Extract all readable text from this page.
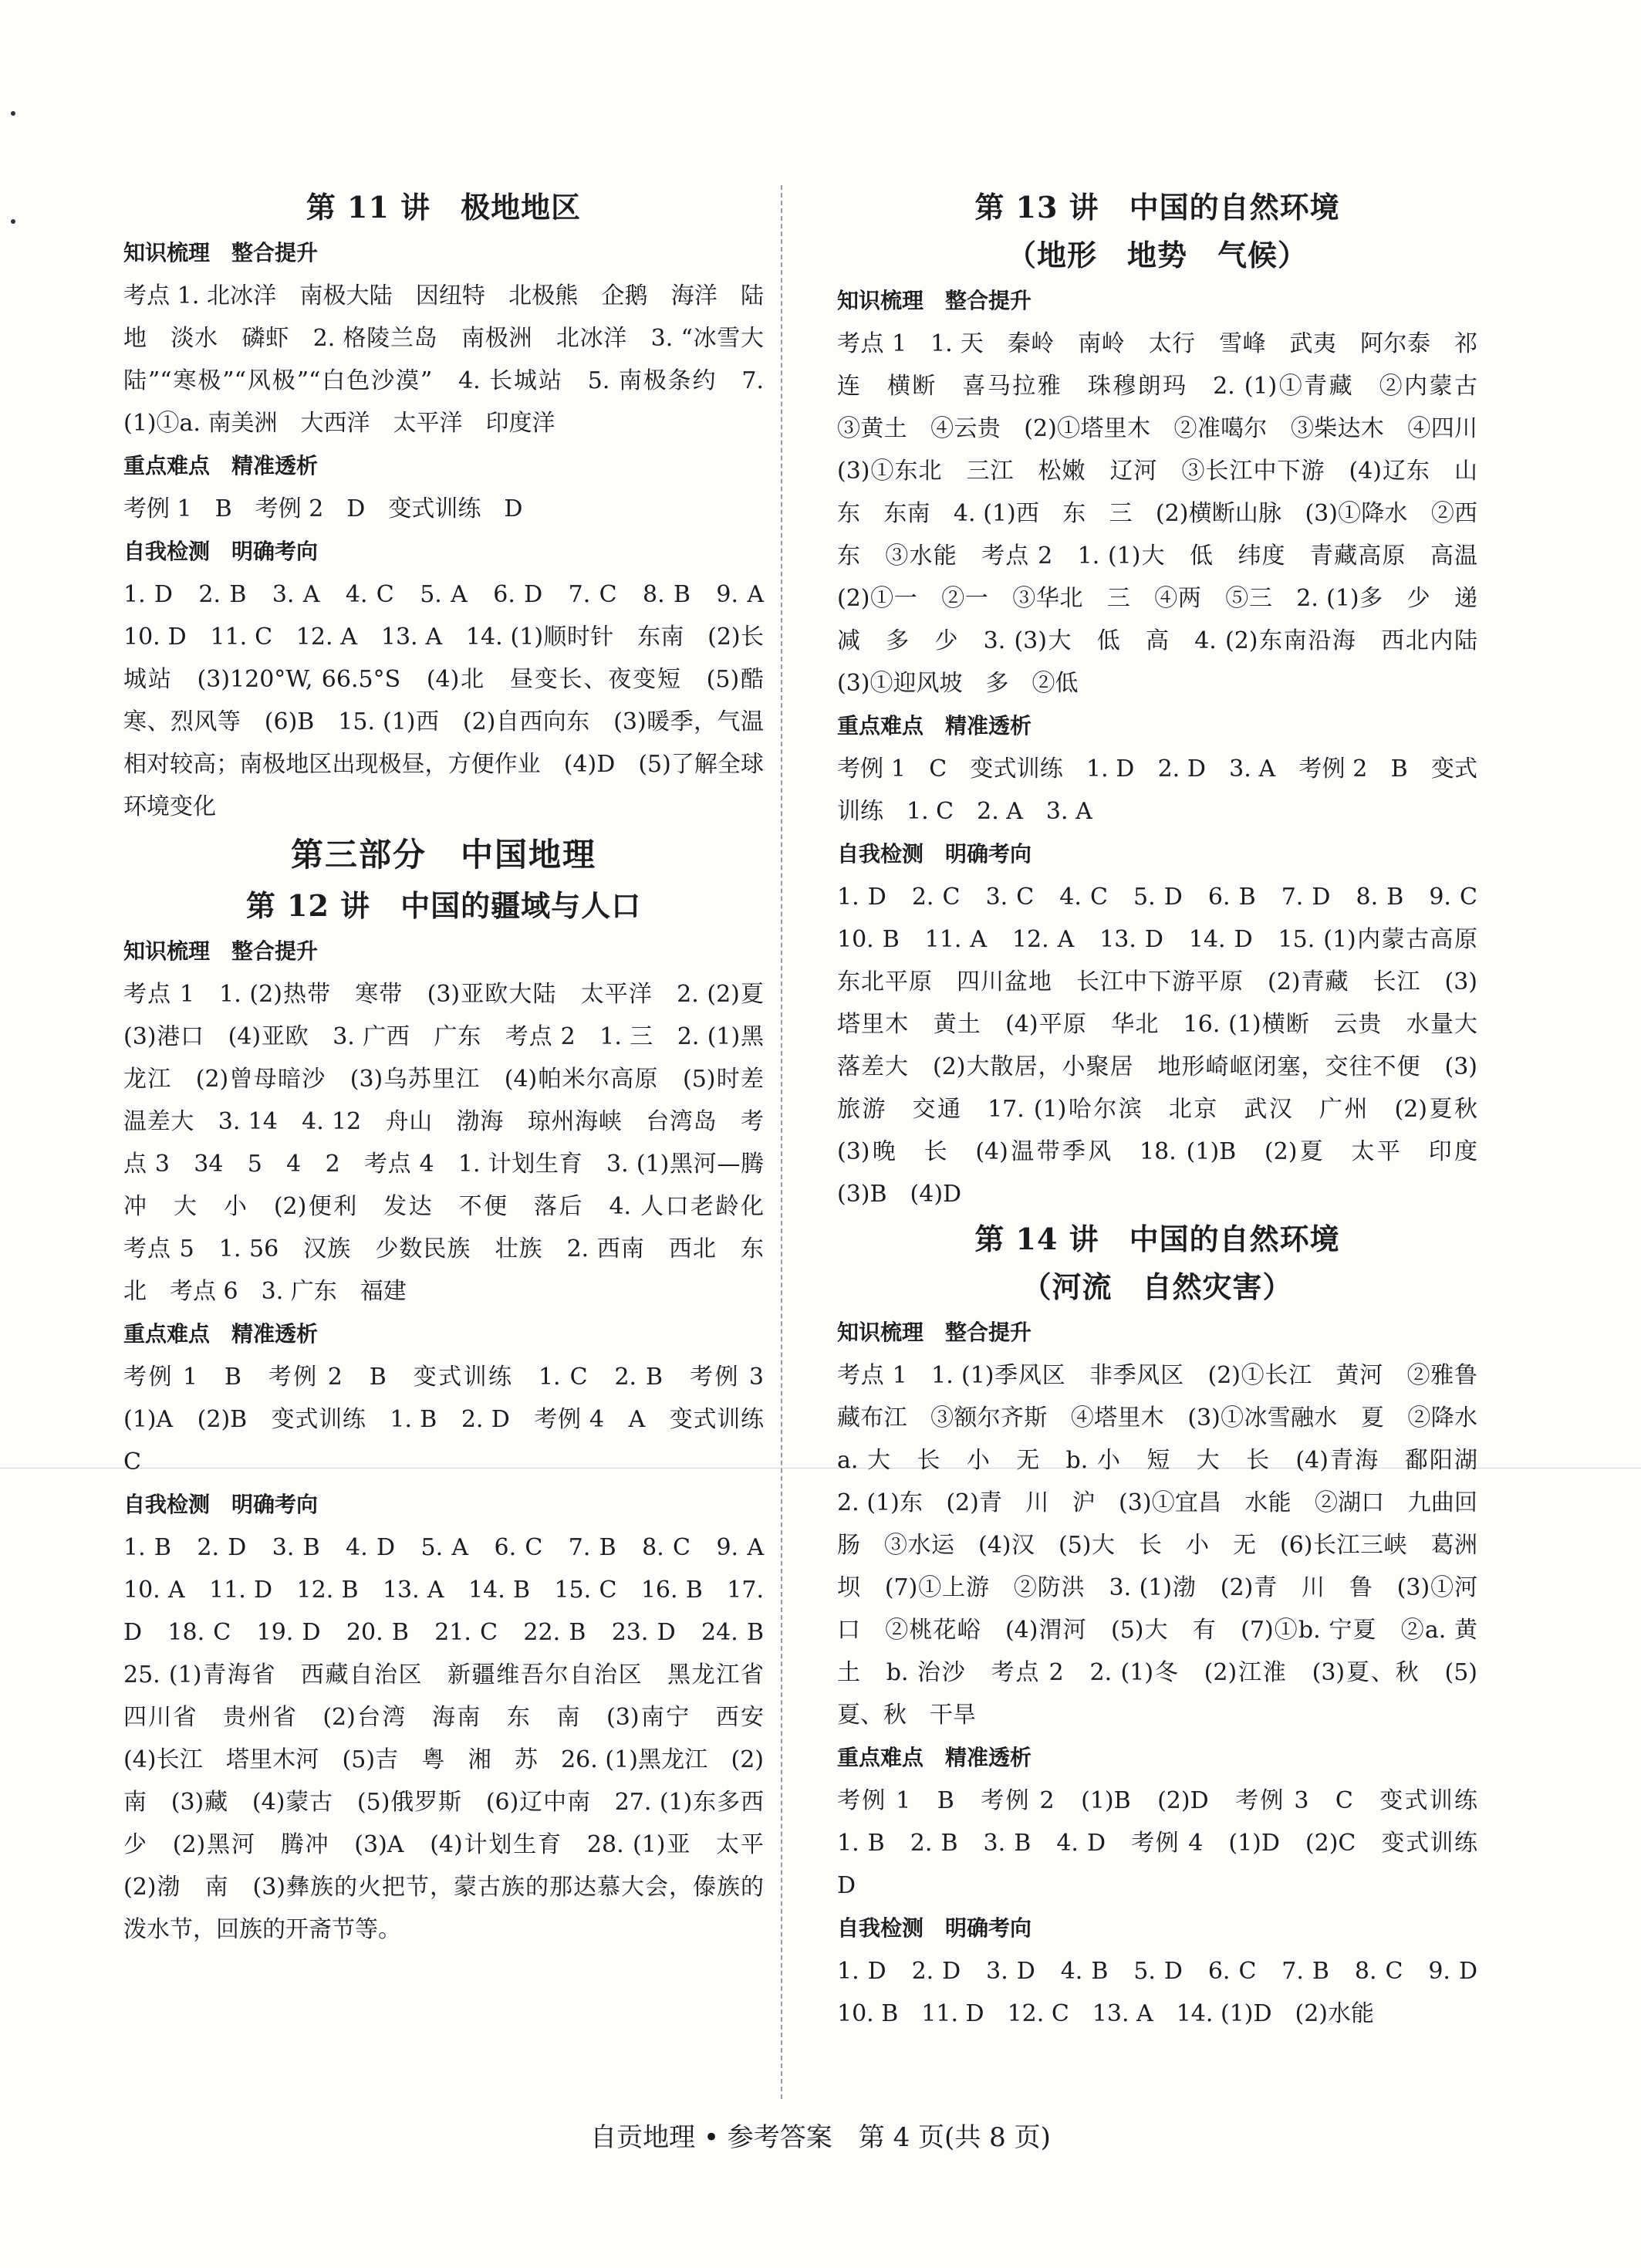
第 11 讲　极地地区
知识梳理　整合提升

考点 1. 北冰洋　南极大陆　因纽特　北极熊　企鹅　海洋　陆地　淡水　磷虾　2. 格陵兰岛　南极洲　北冰洋　3. “冰雪大陆”“寒极”“风极”“白色沙漠”　4. 长城站　5. 南极条约　7. (1)①a. 南美洲　大西洋　太平洋　印度洋

重点难点　精准透析

考例 1　B　考例 2　D　变式训练　D

自我检测　明确考向

1. D　2. B　3. A　4. C　5. A　6. D　7. C　8. B　9. A　10. D　11. C　12. A　13. A　14. (1)顺时针　东南　(2)长城站　(3)120°W, 66.5°S　(4)北　昼变长、夜变短　(5)酷寒、烈风等　(6)B　15. (1)西　(2)自西向东　(3)暖季，气温相对较高；南极地区出现极昼，方便作业　(4)D　(5)了解全球环境变化

第三部分　中国地理
第 12 讲　中国的疆域与人口
知识梳理　整合提升

考点 1　1. (2)热带　寒带　(3)亚欧大陆　太平洋　2. (2)夏　(3)港口　(4)亚欧　3. 广西　广东　考点 2　1. 三　2. (1)黑龙江　(2)曾母暗沙　(3)乌苏里江　(4)帕米尔高原　(5)时差　温差大　3. 14　4. 12　舟山　渤海　琼州海峡　台湾岛　考点 3　34　5　4　2　考点 4　1. 计划生育　3. (1)黑河—腾冲　大　小　(2)便利　发达　不便　落后　4. 人口老龄化　考点 5　1. 56　汉族　少数民族　壮族　2. 西南　西北　东北　考点 6　3. 广东　福建

重点难点　精准透析

考例 1　B　考例 2　B　变式训练　1. C　2. B　考例 3　(1)A　(2)B　变式训练　1. B　2. D　考例 4　A　变式训练　C

自我检测　明确考向

1. B　2. D　3. B　4. D　5. A　6. C　7. B　8. C　9. A　10. A　11. D　12. B　13. A　14. B　15. C　16. B　17. D　18. C　19. D　20. B　21. C　22. B　23. D　24. B　25. (1)青海省　西藏自治区　新疆维吾尔自治区　黑龙江省　四川省　贵州省　(2)台湾　海南　东　南　(3)南宁　西安　(4)长江　塔里木河　(5)吉　粤　湘　苏　26. (1)黑龙江　(2)南　(3)藏　(4)蒙古　(5)俄罗斯　(6)辽中南　27. (1)东多西少　(2)黑河　腾冲　(3)A　(4)计划生育　28. (1)亚　太平　(2)渤　南　(3)彝族的火把节，蒙古族的那达慕大会，傣族的泼水节，回族的开斋节等。

第 13 讲　中国的自然环境
（地形　地势　气候）
知识梳理　整合提升

考点 1　1. 天　秦岭　南岭　太行　雪峰　武夷　阿尔泰　祁连　横断　喜马拉雅　珠穆朗玛　2. (1)①青藏　②内蒙古　③黄土　④云贵　(2)①塔里木　②准噶尔　③柴达木　④四川　(3)①东北　三江　松嫩　辽河　③长江中下游　(4)辽东　山东　东南　4. (1)西　东　三　(2)横断山脉　(3)①降水　②西　东　③水能　考点 2　1. (1)大　低　纬度　青藏高原　高温　(2)①一　②一　③华北　三　④两　⑤三　2. (1)多　少　递减　多　少　3. (3)大　低　高　4. (2)东南沿海　西北内陆　(3)①迎风坡　多　②低

重点难点　精准透析

考例 1　C　变式训练　1. D　2. D　3. A　考例 2　B　变式训练　1. C　2. A　3. A

自我检测　明确考向

1. D　2. C　3. C　4. C　5. D　6. B　7. D　8. B　9. C　10. B　11. A　12. A　13. D　14. D　15. (1)内蒙古高原　东北平原　四川盆地　长江中下游平原　(2)青藏　长江　(3)塔里木　黄土　(4)平原　华北　16. (1)横断　云贵　水量大　落差大　(2)大散居，小聚居　地形崎岖闭塞，交往不便　(3)旅游　交通　17. (1)哈尔滨　北京　武汉　广州　(2)夏秋　(3)晚　长　(4)温带季风　18. (1)B　(2)夏　太平　印度　(3)B　(4)D

第 14 讲　中国的自然环境
（河流　自然灾害）
知识梳理　整合提升

考点 1　1. (1)季风区　非季风区　(2)①长江　黄河　②雅鲁藏布江　③额尔齐斯　④塔里木　(3)①冰雪融水　夏　②降水　a. 大　长　小　无　b. 小　短　大　长　(4)青海　鄱阳湖　2. (1)东　(2)青　川　沪　(3)①宜昌　水能　②湖口　九曲回肠　③水运　(4)汉　(5)大　长　小　无　(6)长江三峡　葛洲坝　(7)①上游　②防洪　3. (1)渤　(2)青　川　鲁　(3)①河口　②桃花峪　(4)渭河　(5)大　有　(7)①b. 宁夏　②a. 黄土　b. 治沙　考点 2　2. (1)冬　(2)江淮　(3)夏、秋　(5)夏、秋　干旱

重点难点　精准透析

考例 1　B　考例 2　(1)B　(2)D　考例 3　C　变式训练　1. B　2. B　3. B　4. D　考例 4　(1)D　(2)C　变式训练　D

自我检测　明确考向

1. D　2. D　3. D　4. B　5. D　6. C　7. B　8. C　9. D　10. B　11. D　12. C　13. A　14. (1)D　(2)水能

自贡地理 • 参考答案　第 4 页(共 8 页)
